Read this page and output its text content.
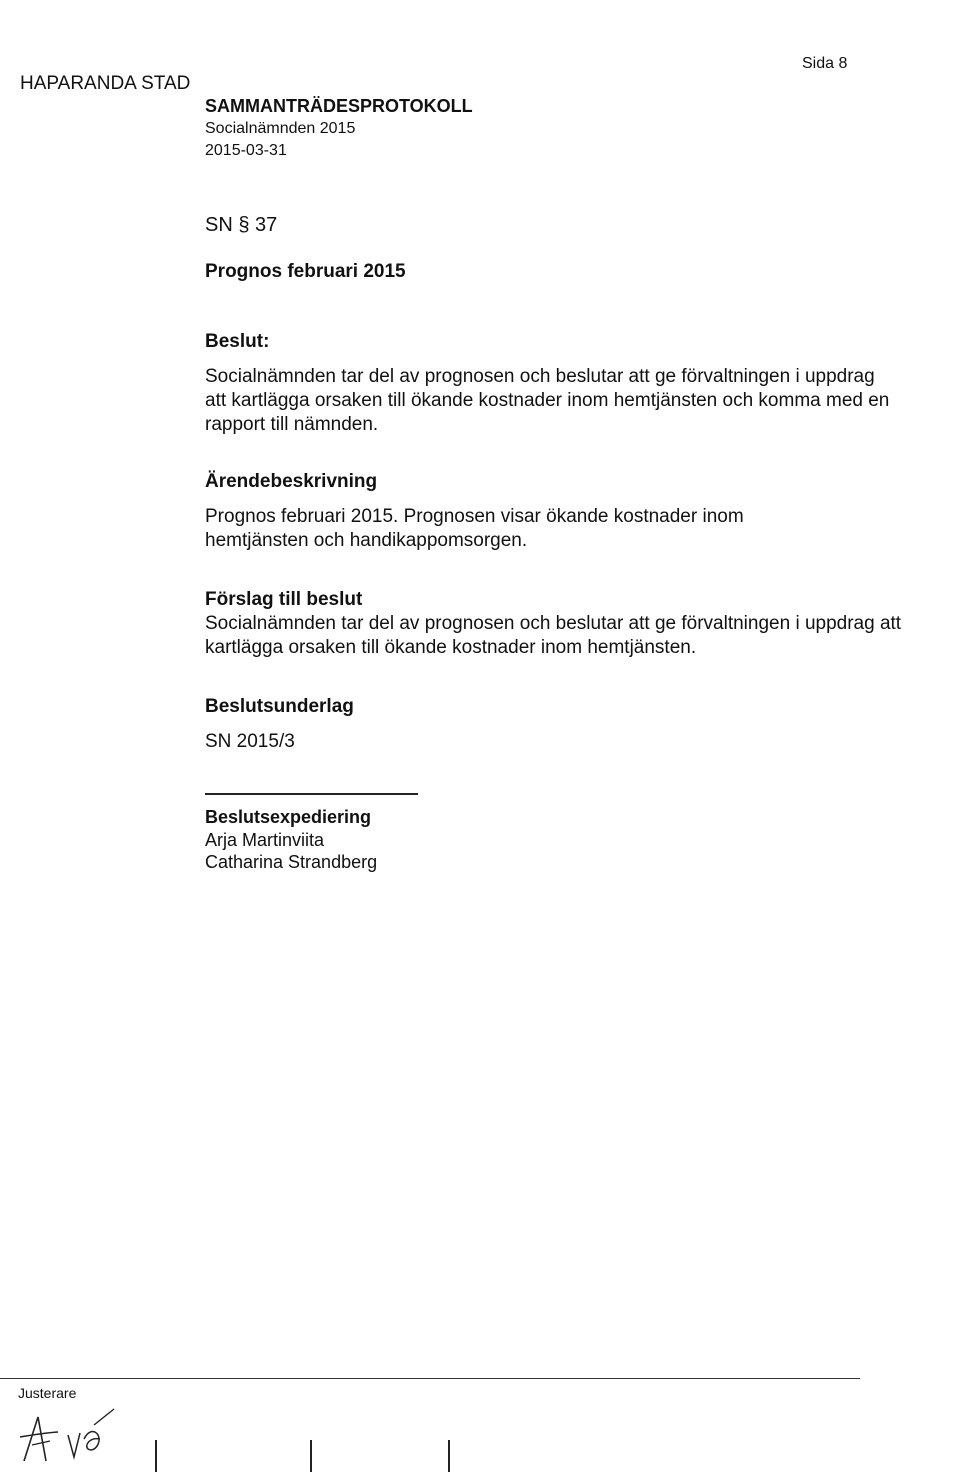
HAPARANDA STAD
Sida 8
SAMMANTRÄDESPROTOKOLL
Socialnämnden 2015
2015-03-31
SN § 37
Prognos februari 2015
Beslut:
Socialnämnden tar del av prognosen och beslutar att ge förvaltningen i uppdrag att kartlägga orsaken till ökande kostnader inom hemtjänsten och komma med en rapport till nämnden.
Ärendebeskrivning
Prognos februari 2015. Prognosen visar ökande kostnader inom hemtjänsten och handikappomsorgen.
Förslag till beslut
Socialnämnden tar del av prognosen och beslutar att ge förvaltningen i uppdrag att kartlägga orsaken till ökande kostnader inom hemtjänsten.
Beslutsunderlag
SN 2015/3
Beslutsexpediering
Arja Martinviita
Catharina Strandberg
Justerare
